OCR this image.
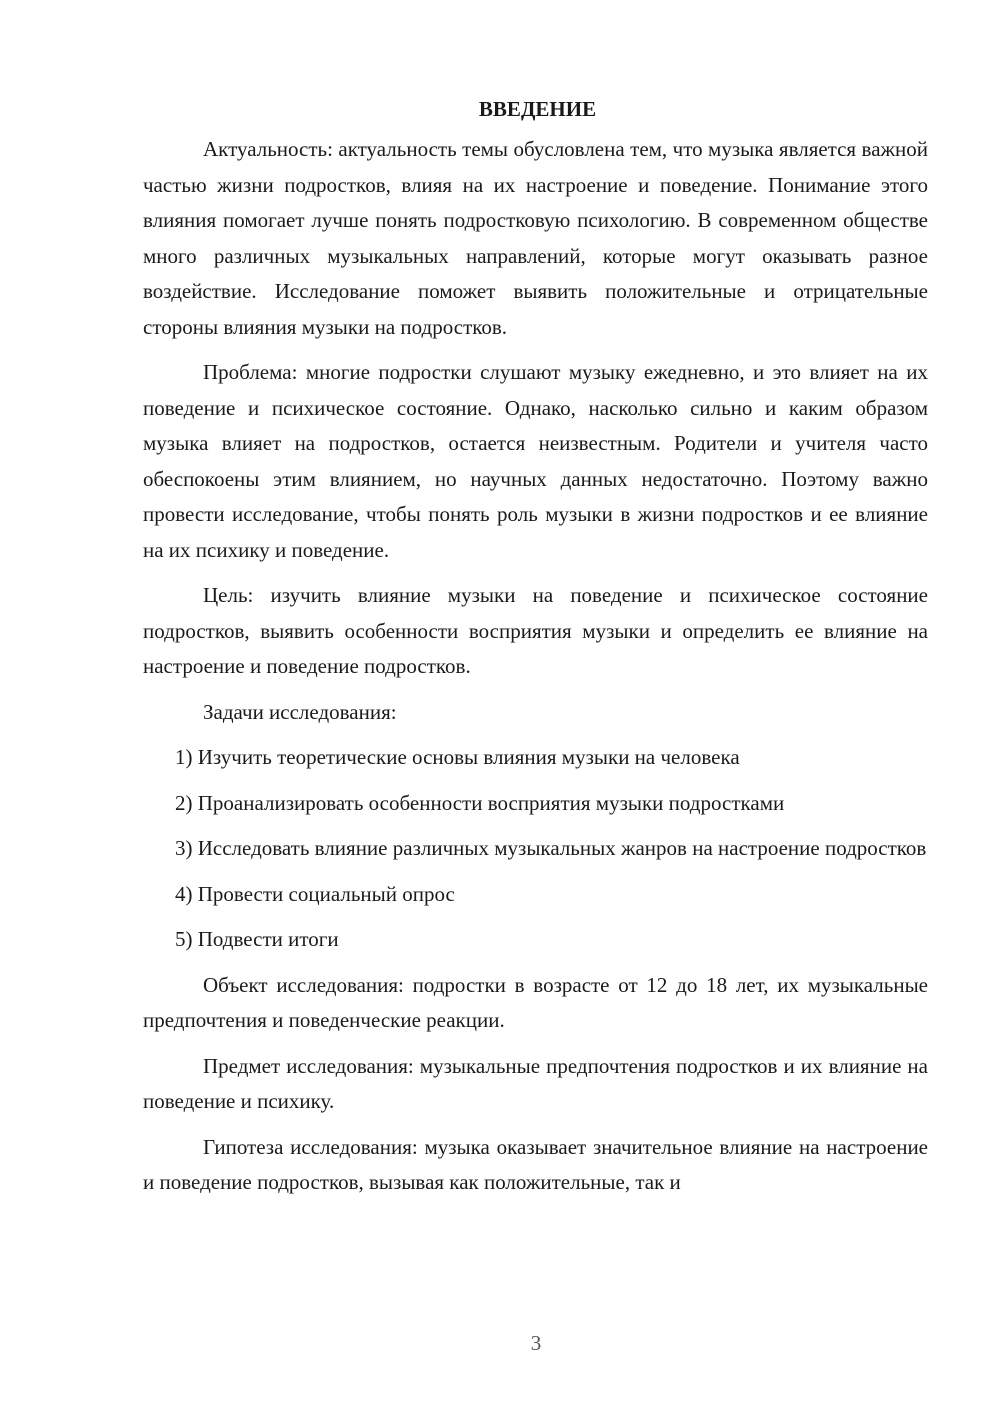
ВВЕДЕНИЕ

Актуальность: актуальность темы обусловлена тем, что музыка является важной частью жизни подростков, влияя на их настроение и поведение. Понимание этого влияния помогает лучше понять подростковую психологию. В современном обществе много различных музыкальных направлений, которые могут оказывать разное воздействие. Исследование поможет выявить положительные и отрицательные стороны влияния музыки на подростков.

Проблема: многие подростки слушают музыку ежедневно, и это влияет на их поведение и психическое состояние. Однако, насколько сильно и каким образом музыка влияет на подростков, остается неизвестным. Родители и учителя часто обеспокоены этим влиянием, но научных данных недостаточно. Поэтому важно провести исследование, чтобы понять роль музыки в жизни подростков и ее влияние на их психику и поведение.

Цель: изучить влияние музыки на поведение и психическое состояние подростков, выявить особенности восприятия музыки и определить ее влияние на настроение и поведение подростков.

Задачи исследования:

1) Изучить теоретические основы влияния музыки на человека

2) Проанализировать особенности восприятия музыки подростками

3) Исследовать влияние различных музыкальных жанров на настроение подростков

4) Провести социальный опрос

5) Подвести итоги

Объект исследования: подростки в возрасте от 12 до 18 лет, их музыкальные предпочтения и поведенческие реакции.

Предмет исследования: музыкальные предпочтения подростков и их влияние на поведение и психику.

Гипотеза исследования: музыка оказывает значительное влияние на настроение и поведение подростков, вызывая как положительные, так и

3
